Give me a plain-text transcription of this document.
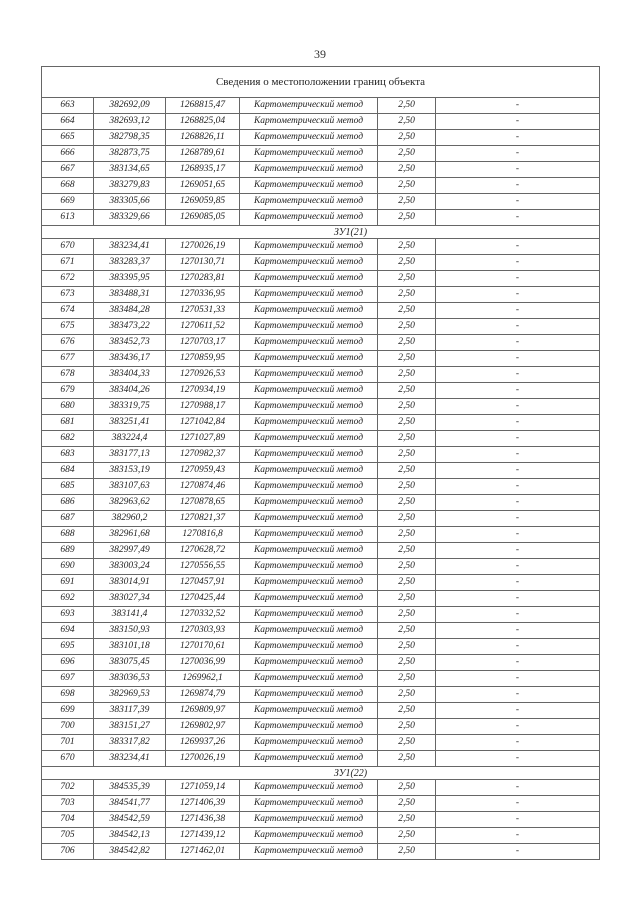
39
Сведения о местоположении границ объекта					
663	382692,09	1268815,47	Картометрический метод	2,50	-
664	382693,12	1268825,04	Картометрический метод	2,50	-
665	382798,35	1268826,11	Картометрический метод	2,50	-
666	382873,75	1268789,61	Картометрический метод	2,50	-
667	383134,65	1268935,17	Картометрический метод	2,50	-
668	383279,83	1269051,65	Картометрический метод	2,50	-
669	383305,66	1269059,85	Картометрический метод	2,50	-
613	383329,66	1269085,05	Картометрический метод	2,50	-
ЗУ1(21)					
670	383234,41	1270026,19	Картометрический метод	2,50	-
671	383283,37	1270130,71	Картометрический метод	2,50	-
672	383395,95	1270283,81	Картометрический метод	2,50	-
673	383488,31	1270336,95	Картометрический метод	2,50	-
674	383484,28	1270531,33	Картометрический метод	2,50	-
675	383473,22	1270611,52	Картометрический метод	2,50	-
676	383452,73	1270703,17	Картометрический метод	2,50	-
677	383436,17	1270859,95	Картометрический метод	2,50	-
678	383404,33	1270926,53	Картометрический метод	2,50	-
679	383404,26	1270934,19	Картометрический метод	2,50	-
680	383319,75	1270988,17	Картометрический метод	2,50	-
681	383251,41	1271042,84	Картометрический метод	2,50	-
682	383224,4	1271027,89	Картометрический метод	2,50	-
683	383177,13	1270982,37	Картометрический метод	2,50	-
684	383153,19	1270959,43	Картометрический метод	2,50	-
685	383107,63	1270874,46	Картометрический метод	2,50	-
686	382963,62	1270878,65	Картометрический метод	2,50	-
687	382960,2	1270821,37	Картометрический метод	2,50	-
688	382961,68	1270816,8	Картометрический метод	2,50	-
689	382997,49	1270628,72	Картометрический метод	2,50	-
690	383003,24	1270556,55	Картометрический метод	2,50	-
691	383014,91	1270457,91	Картометрический метод	2,50	-
692	383027,34	1270425,44	Картометрический метод	2,50	-
693	383141,4	1270332,52	Картометрический метод	2,50	-
694	383150,93	1270303,93	Картометрический метод	2,50	-
695	383101,18	1270170,61	Картометрический метод	2,50	-
696	383075,45	1270036,99	Картометрический метод	2,50	-
697	383036,53	1269962,1	Картометрический метод	2,50	-
698	382969,53	1269874,79	Картометрический метод	2,50	-
699	383117,39	1269809,97	Картометрический метод	2,50	-
700	383151,27	1269802,97	Картометрический метод	2,50	-
701	383317,82	1269937,26	Картометрический метод	2,50	-
670	383234,41	1270026,19	Картометрический метод	2,50	-
ЗУ1(22)					
702	384535,39	1271059,14	Картометрический метод	2,50	-
703	384541,77	1271406,39	Картометрический метод	2,50	-
704	384542,59	1271436,38	Картометрический метод	2,50	-
705	384542,13	1271439,12	Картометрический метод	2,50	-
706	384542,82	1271462,01	Картометрический метод	2,50	-
